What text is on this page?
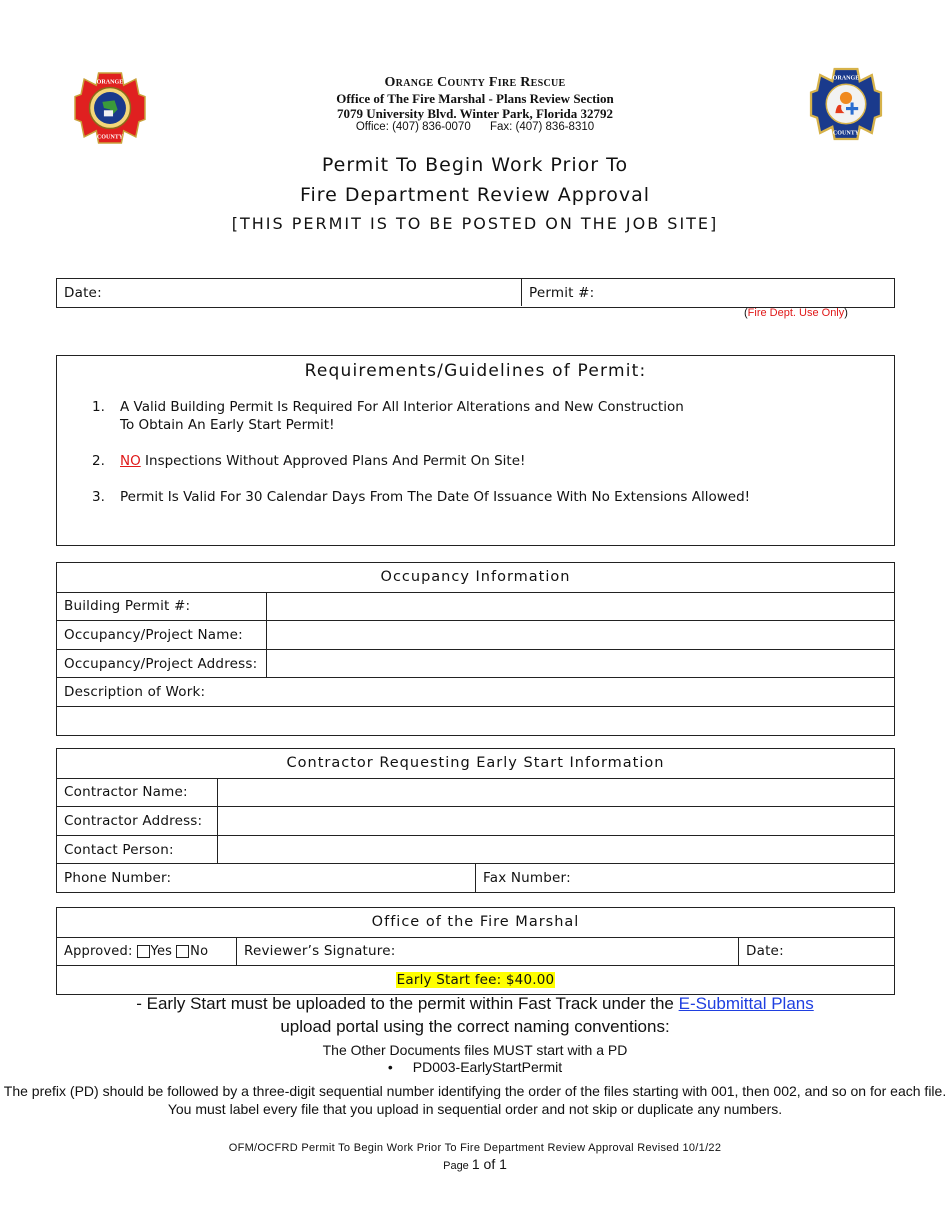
ORANGE
COUNTY
ORANGE
COUNTY
Orange County Fire Rescue
Office of The Fire Marshal - Plans Review Section
7079 University Blvd. Winter Park, Florida 32792
Office: (407) 836-0070 Fax: (407) 836-8310
Permit To Begin Work Prior To
Fire Department Review Approval
[THIS PERMIT IS TO BE POSTED ON THE JOB SITE]
Date:	Permit #:
(Fire Dept. Use Only)
Requirements/Guidelines of Permit:
1.	A Valid Building Permit Is Required For All Interior Alterations and New Construction
To Obtain An Early Start Permit!
2.	NO Inspections Without Approved Plans And Permit On Site!
3.	Permit Is Valid For 30 Calendar Days From The Date Of Issuance With No Extensions Allowed!
Occupancy Information
Building Permit #:
Occupancy/Project Name:
Occupancy/Project Address:
Description of Work:
Contractor Requesting Early Start Information
Contractor Name:
Contractor Address:
Contact Person:
Phone Number:	Fax Number:
Office of the Fire Marshal
Approved: Yes No	Reviewer’s Signature:	Date:
Early Start fee: $40.00
- Early Start must be uploaded to the permit within Fast Track under the E-Submittal Plans
upload portal using the correct naming conventions:
The Other Documents files MUST start with a PD
• PD003-EarlyStartPermit
The prefix (PD) should be followed by a three-digit sequential number identifying the order of the files starting with 001, then 002, and so on for each file. You must label every file that you upload in sequential order and not skip or duplicate any numbers.
OFM/OCFRD Permit To Begin Work Prior To Fire Department Review Approval Revised 10/1/22
Page 1 of 1
